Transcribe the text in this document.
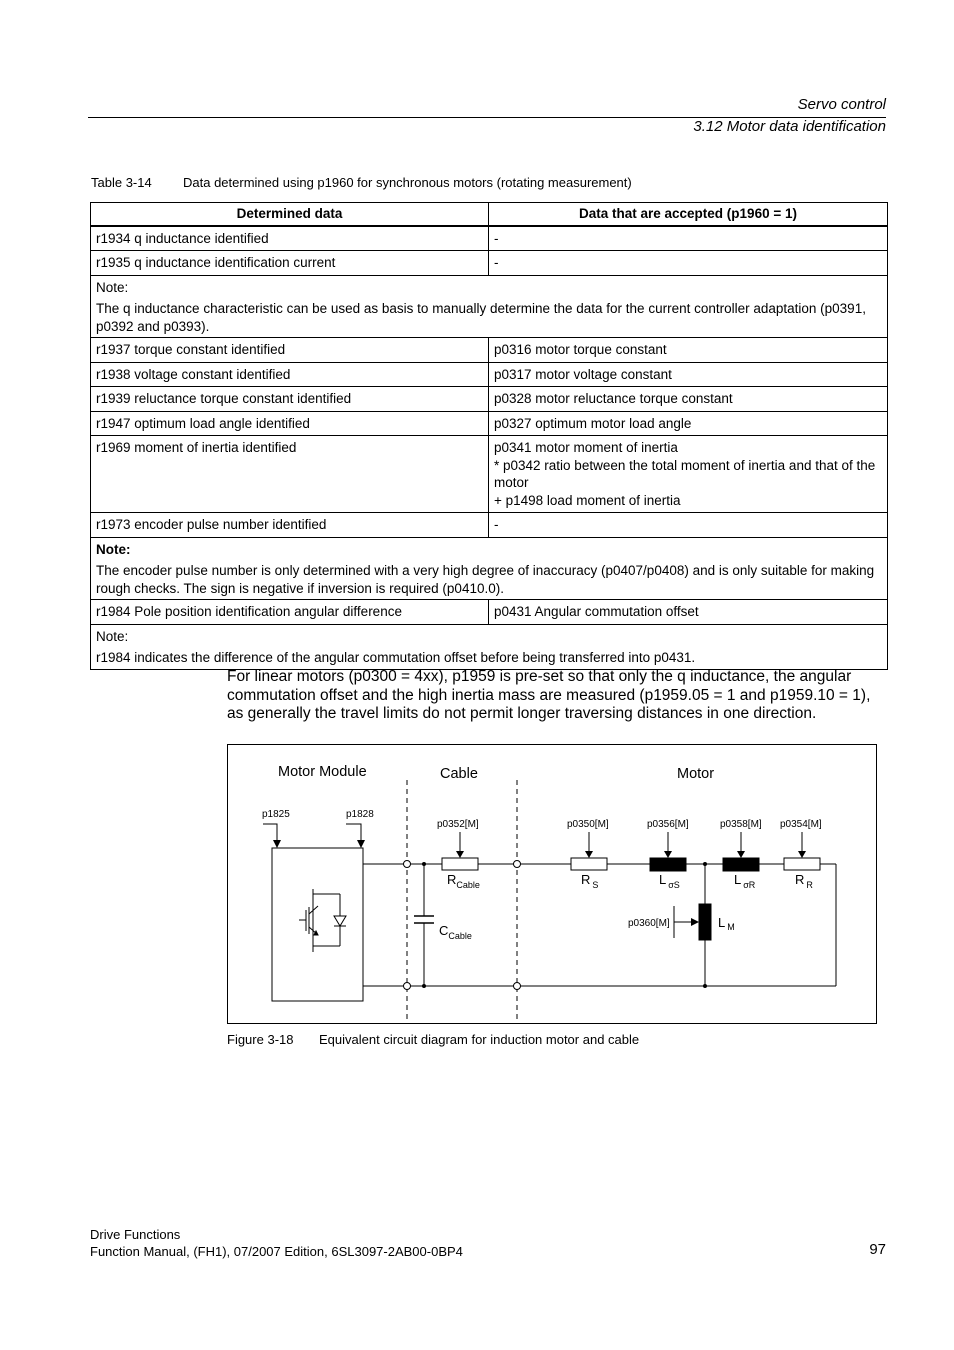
Servo control
3.12 Motor data identification
Table 3-14 Data determined using p1960 for synchronous motors (rotating measurement)
Determined data	Data that are accepted (p1960 = 1)
r1934 q inductance identified	-
r1935 q inductance identification current	-

Note:
The q inductance characteristic can be used as basis to manually determine the data for the current controller adaptation (p0391, p0392 and p0393).	
r1937 torque constant identified	p0316 motor torque constant
r1938 voltage constant identified	p0317 motor voltage constant
r1939 reluctance torque constant identified	p0328 motor reluctance torque constant
r1947 optimum load angle identified	p0327 optimum motor load angle
r1969 moment of inertia identified	p0341 motor moment of inertia
* p0342 ratio between the total moment of inertia and that of the motor
+ p1498 load moment of inertia

r1973 encoder pulse number identified	-

Note:
The encoder pulse number is only determined with a very high degree of inaccuracy (p0407/p0408) and is only suitable for making rough checks. The sign is negative if inversion is required (p0410.0).	
r1984 Pole position identification angular difference	p0431 Angular commutation offset

Note:
r1984 indicates the difference of the angular commutation offset before being transferred into p0431.	
For linear motors (p0300 = 4xx), p1959 is pre-set so that only the q inductance, the angular commutation offset and the high inertia mass are measured (p1959.05 = 1 and p1959.10 = 1), as generally the travel limits do not permit longer traversing distances in one direction.
Motor Module	Cable	Motor
p1825	p1828
p0352[M]
$R_{Cable}$
$C_{Cable}$
p0350[M]
R $_S$
p0356[M]
L $_{\sigma S}$
p0358[M]
L $_{\sigma R}$
p0354[M]
R $_R$
p0360[M]	L $_M$
Figure 3-18 Equivalent circuit diagram for induction motor and cable
Drive Functions
Function Manual, (FH1), 07/2007 Edition, 6SL3097-2AB00-0BP4	97
